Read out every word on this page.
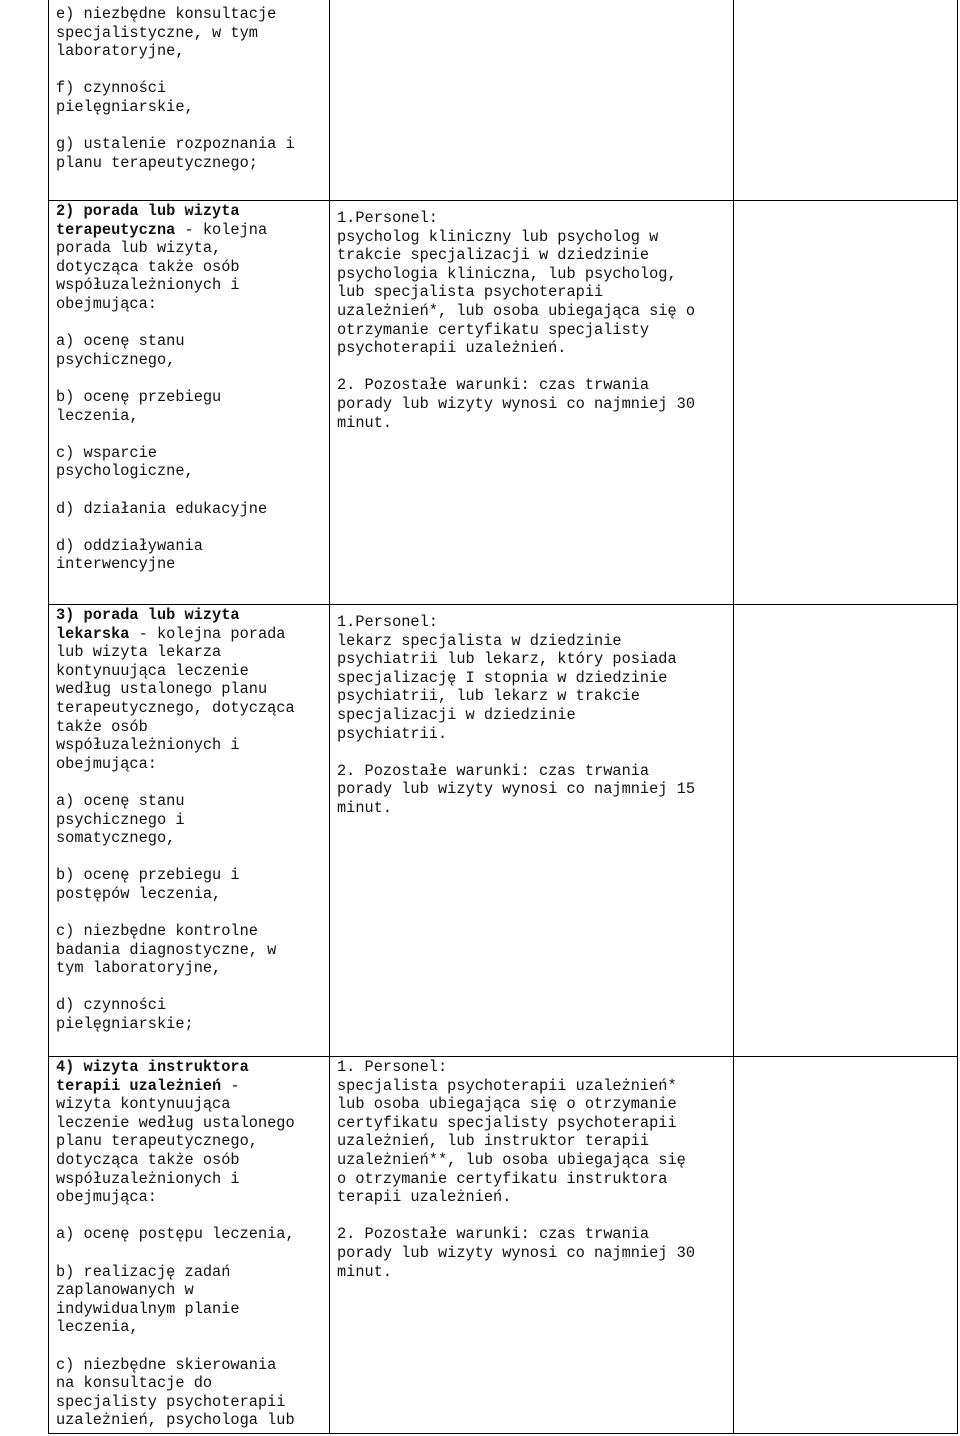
e) niezbędne konsultacje
specjalistyczne, w tym
laboratoryjne,

f) czynności
pielęgniarskie,

g) ustalenie rozpoznania i
planu terapeutycznego;

2) porada lub wizyta
terapeutyczna - kolejna
porada lub wizyta,
dotycząca także osób
współuzależnionych i
obejmująca:

a) ocenę stanu
psychicznego,

b) ocenę przebiegu
leczenia,

c) wsparcie
psychologiczne,

d) działania edukacyjne

d) oddziaływania
interwencyjne

1.Personel:
psycholog kliniczny lub psycholog w
trakcie specjalizacji w dziedzinie
psychologia kliniczna, lub psycholog,
lub specjalista psychoterapii
uzależnień*, lub osoba ubiegająca się o
otrzymanie certyfikatu specjalisty
psychoterapii uzależnień.

2. Pozostałe warunki: czas trwania
porady lub wizyty wynosi co najmniej 30
minut.

3) porada lub wizyta
lekarska - kolejna porada
lub wizyta lekarza
kontynuująca leczenie
według ustalonego planu
terapeutycznego, dotycząca
także osób
współuzależnionych i
obejmująca:

a) ocenę stanu
psychicznego i
somatycznego,

b) ocenę przebiegu i
postępów leczenia,

c) niezbędne kontrolne
badania diagnostyczne, w
tym laboratoryjne,

d) czynności
pielęgniarskie;

1.Personel:
lekarz specjalista w dziedzinie
psychiatrii lub lekarz, który posiada
specjalizację I stopnia w dziedzinie
psychiatrii, lub lekarz w trakcie
specjalizacji w dziedzinie
psychiatrii.

2. Pozostałe warunki: czas trwania
porady lub wizyty wynosi co najmniej 15
minut.

4) wizyta instruktora
terapii uzależnień -
wizyta kontynuująca
leczenie według ustalonego
planu terapeutycznego,
dotycząca także osób
współuzależnionych i
obejmująca:

a) ocenę postępu leczenia,

b) realizację zadań
zaplanowanych w
indywidualnym planie
leczenia,

c) niezbędne skierowania
na konsultacje do
specjalisty psychoterapii
uzależnień, psychologa lub

1. Personel:
specjalista psychoterapii uzależnień*
lub osoba ubiegająca się o otrzymanie
certyfikatu specjalisty psychoterapii
uzależnień, lub instruktor terapii
uzależnień**, lub osoba ubiegająca się
o otrzymanie certyfikatu instruktora
terapii uzależnień.

2. Pozostałe warunki: czas trwania
porady lub wizyty wynosi co najmniej 30
minut.
